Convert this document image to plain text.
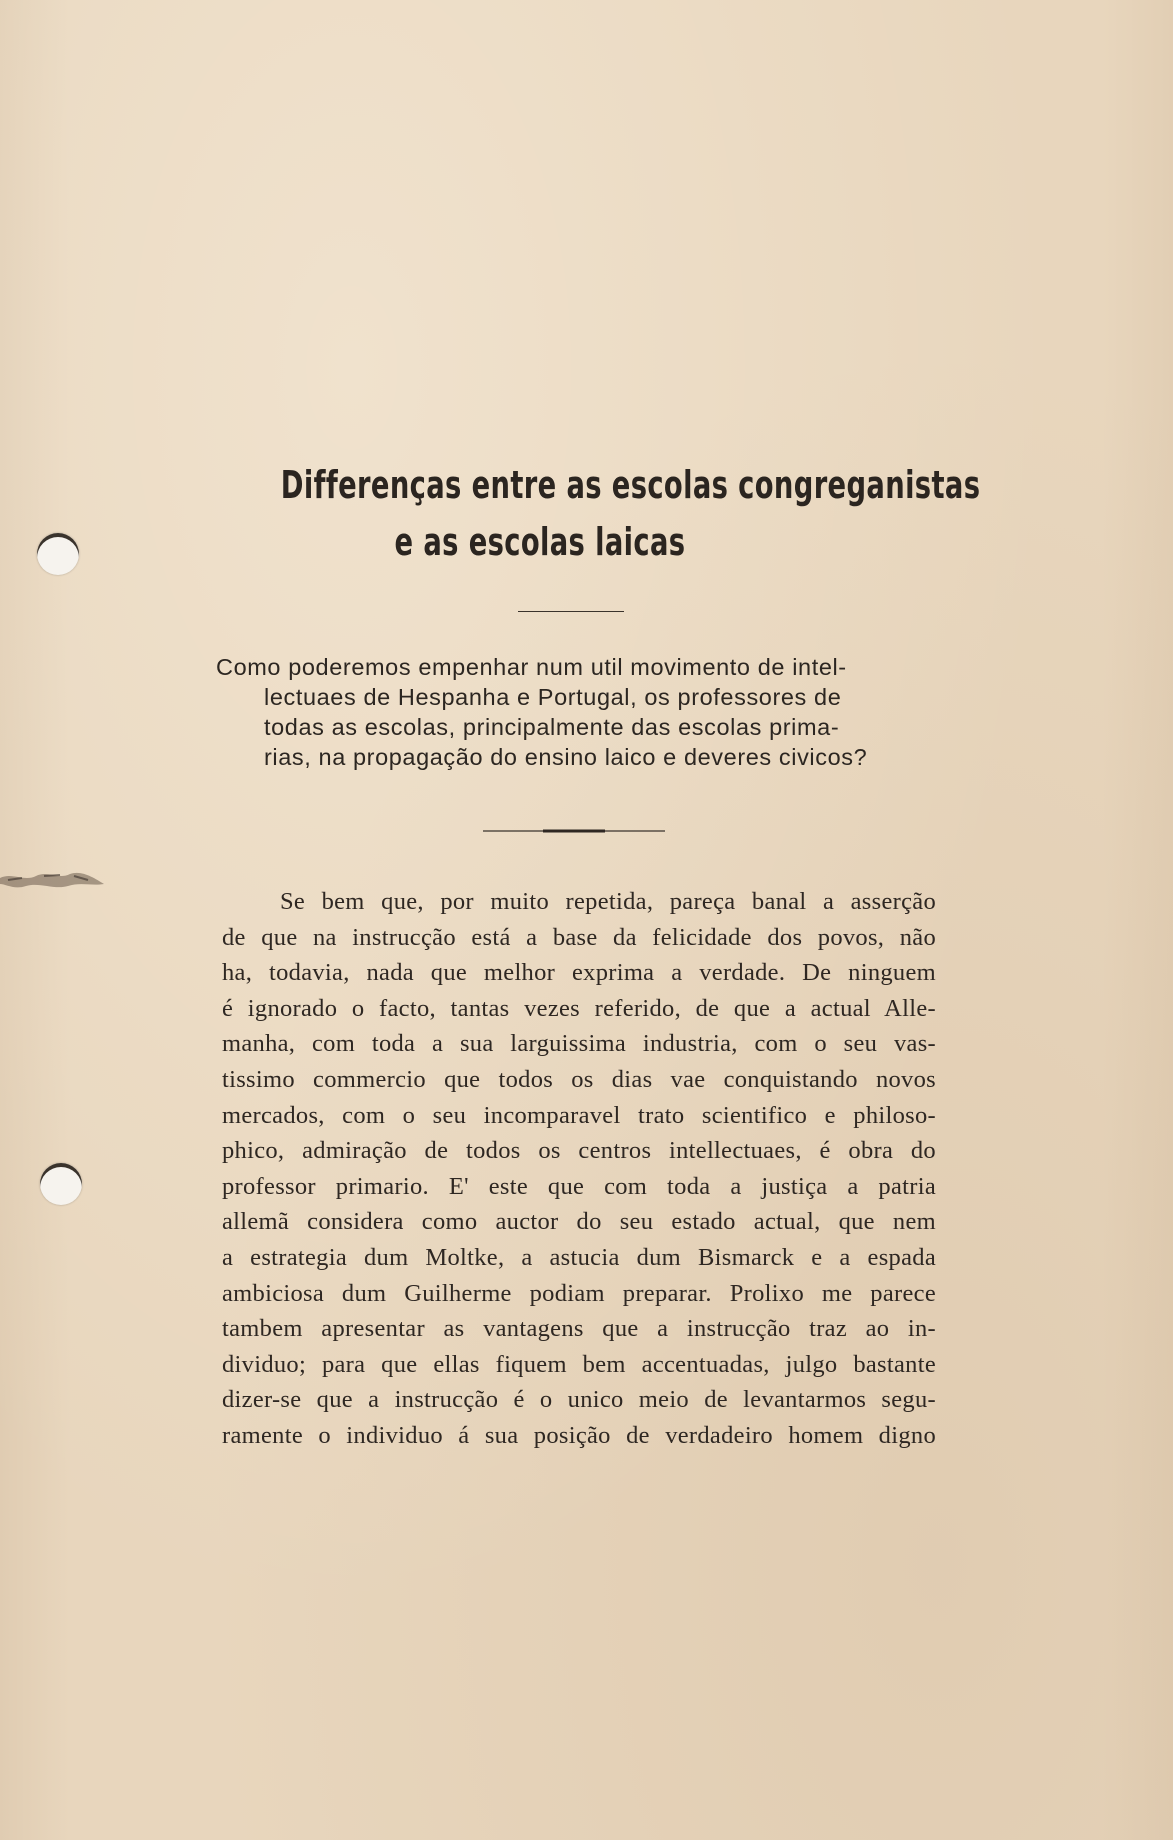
Differenças entre as escolas congreganistas
e as escolas laicas
Como poderemos empenhar num util movimento de intel-
lectuaes de Hespanha e Portugal, os professores de
todas as escolas, principalmente das escolas prima-
rias, na propagação do ensino laico e deveres civicos?
Se bem que, por muito repetida, pareça banal a asserção
de que na instrucção está a base da felicidade dos povos, não
ha, todavia, nada que melhor exprima a verdade. De ninguem
é ignorado o facto, tantas vezes referido, de que a actual Alle-
manha, com toda a sua larguissima industria, com o seu vas-
tissimo commercio que todos os dias vae conquistando novos
mercados, com o seu incomparavel trato scientifico e philoso-
phico, admiração de todos os centros intellectuaes, é obra do
professor primario. E' este que com toda a justiça a patria
allemã considera como auctor do seu estado actual, que nem
a estrategia dum Moltke, a astucia dum Bismarck e a espada
ambiciosa dum Guilherme podiam preparar. Prolixo me parece
tambem apresentar as vantagens que a instrucção traz ao in-
dividuo; para que ellas fiquem bem accentuadas, julgo bastante
dizer-se que a instrucção é o unico meio de levantarmos segu-
ramente o individuo á sua posição de verdadeiro homem digno
